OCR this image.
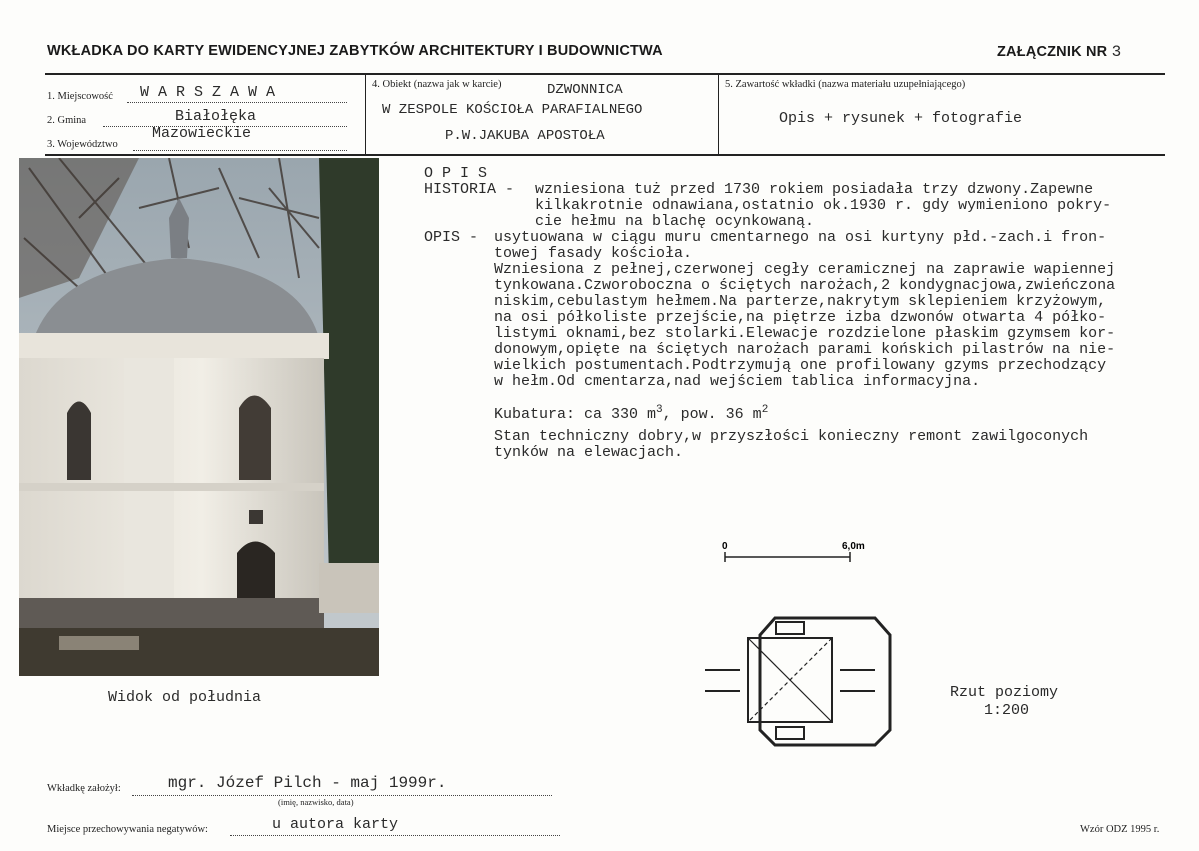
WKŁADKA DO KARTY EWIDENCYJNEJ ZABYTKÓW ARCHITEKTURY I BUDOWNICTWA	ZAŁĄCZNIK NR 3
1. Miejscowość W A R S Z A W A
2. Gmina	Białołęka
3. Województwo
Mazowieckie
4. Obiekt (nazwa jak w karcie)	DZWONNICA
W ZESPOLE KOŚCIOŁA PARAFIALNEGO
P.W.JAKUBA APOSTOŁA
5. Zawartość wkładki (nazwa materiału uzupełniającego)
Opis + rysunek + fotografie
Widok od południa
O P I S
HISTORIA -	wzniesiona tuż przed 1730 rokiem posiadała trzy dzwony.Zapewne
kilkakrotnie odnawiana,ostatnio ok.1930 r. gdy wymieniono pokry-
cie hełmu na blachę ocynkowaną.
OPIS -	usytuowana w ciągu muru cmentarnego na osi kurtyny płd.-zach.i fron-
towej fasady kościoła.
Wzniesiona z pełnej,czerwonej cegły ceramicznej na zaprawie wapiennej
tynkowana.Czworoboczna o ściętych narożach,2 kondygnacjowa,zwieńczona
niskim,cebulastym hełmem.Na parterze,nakrytym sklepieniem krzyżowym,
na osi półkoliste przejście,na piętrze izba dzwonów otwarta 4 półko-
listymi oknami,bez stolarki.Elewacje rozdzielone płaskim gzymsem kor-
donowym,opięte na ściętych narożach parami końskich pilastrów na nie-
wielkich postumentach.Podtrzymują one profilowany gzyms przechodzący
w hełm.Od cmentarza,nad wejściem tablica informacyjna.
Kubatura: ca 330 $m^3$, pow. 36 $m^2$
Stan techniczny dobry,w przyszłości konieczny remont zawilgoconych
tynków na elewacjach.
0	6,0m
Rzut poziomy
1:200
Wkładkę założył:	mgr. Józef Pilch - maj 1999r.
(imię, nazwisko, data)
Miejsce przechowywania negatywów:	u autora karty	Wzór ODZ 1995 r.
